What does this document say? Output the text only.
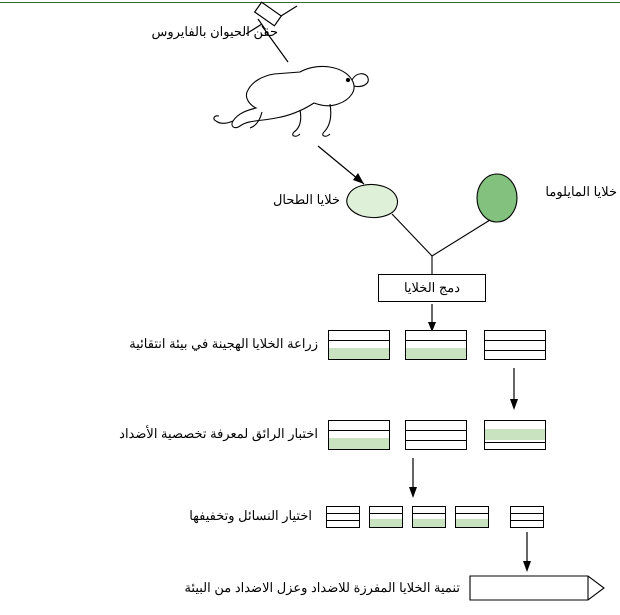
دمج الخلايا
حقن الحيوان بالفايروس
خلايا الطحال
خلايا المايلوما
زراعة الخلايا الهجينة في بيئة انتقائية
اختبار الرائق لمعرفة تخصصية الأضداد
اختيار النسائل وتخفيفها
تنمية الخلايا المفرزة للاضداد وعزل الاضداد من البيئة
